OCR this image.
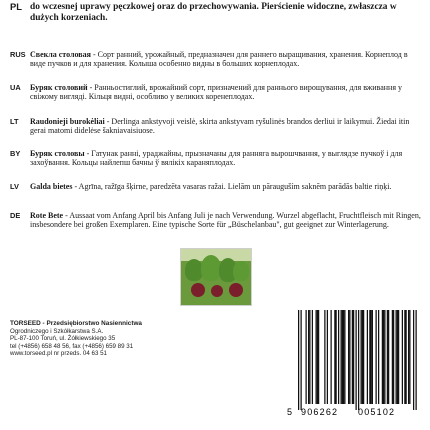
PL do wczesnej uprawy pęczkowej oraz do przechowywania. Pierścienie widoczne, zwłaszcza w dużych korzeniach.
RUS Свекла столовая - Сорт ранний, урожайный, предназначен для раннего выращивания, хранения. Корнеплод в виде пучков и для хранения. Колыша особенно видны в больших корнеплодах.
UA Буряк столовий - Ранньостиглий, врожайний сорт, призначений для раннього вирощування, для вживання у свіжому вигляді. Кільця видні, особливо у великих коренеплодах.
LT Raudonieji burokėliai - Derlinga ankstyvoji veislė, skirta ankstyvam ryšulinės brandos derliui ir laikymui. Žiedai itin gerai matomi didelėse šakniavaisiuose.
BY Буряк столовы - Гатунак ранні, ураджайны, прызначаны для ранняга вырошчвання, у выглядзе пучкоў і для захоўвання. Кольцы найлепш бачны ў вялікіх караняплодах.
LV Galda bietes - Agrīna, ražīga šķirne, paredzēta vasaras ražai. Lielām un pārauguším saknēm parādās baltie riņķi.
DE Rote Bete - Aussaat vom Anfang April bis Anfang Juli je nach Verwendung. Wurzel abgeflacht, Fruchtfleisch mit Ringen, insbesondere bei großen Exemplaren. Eine typische Sorte für „Büschelanbau", gut geeignet zur Winterlagerung.
TORSEED - Przedsiębiorstwo Nasiennictwa
Ogrodniczego i Szkółkarstwa S.A.
PL-87-100 Toruń, ul. Żółkiewskiego 35
tel (+4856) 658 48 56, fax (+4856) 659 89 31
www.torseed.pl nr przeds. 04 63 51
5 906262 005102
